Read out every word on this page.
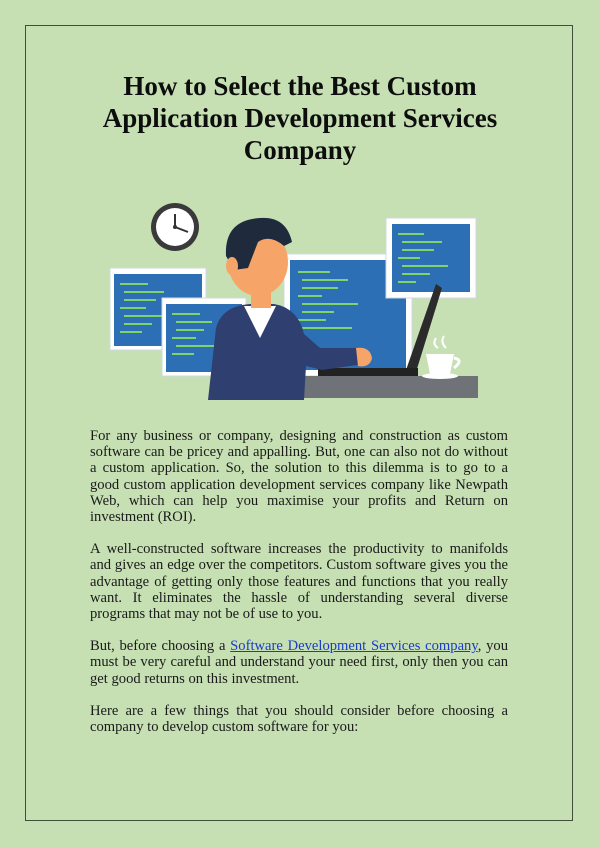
How to Select the Best Custom Application Development Services Company

For any business or company, designing and construction as custom software can be pricey and appalling. But, one can also not do without a custom application. So, the solution to this dilemma is to go to a good custom application development services company like Newpath Web, which can help you maximise your profits and Return on investment (ROI).

A well-constructed software increases the productivity to manifolds and gives an edge over the competitors. Custom software gives you the advantage of getting only those features and functions that you really want. It eliminates the hassle of understanding several diverse programs that may not be of use to you.

But, before choosing a Software Development Services company, you must be very careful and understand your need first, only then you can get good returns on this investment.

Here are a few things that you should consider before choosing a company to develop custom software for you:
